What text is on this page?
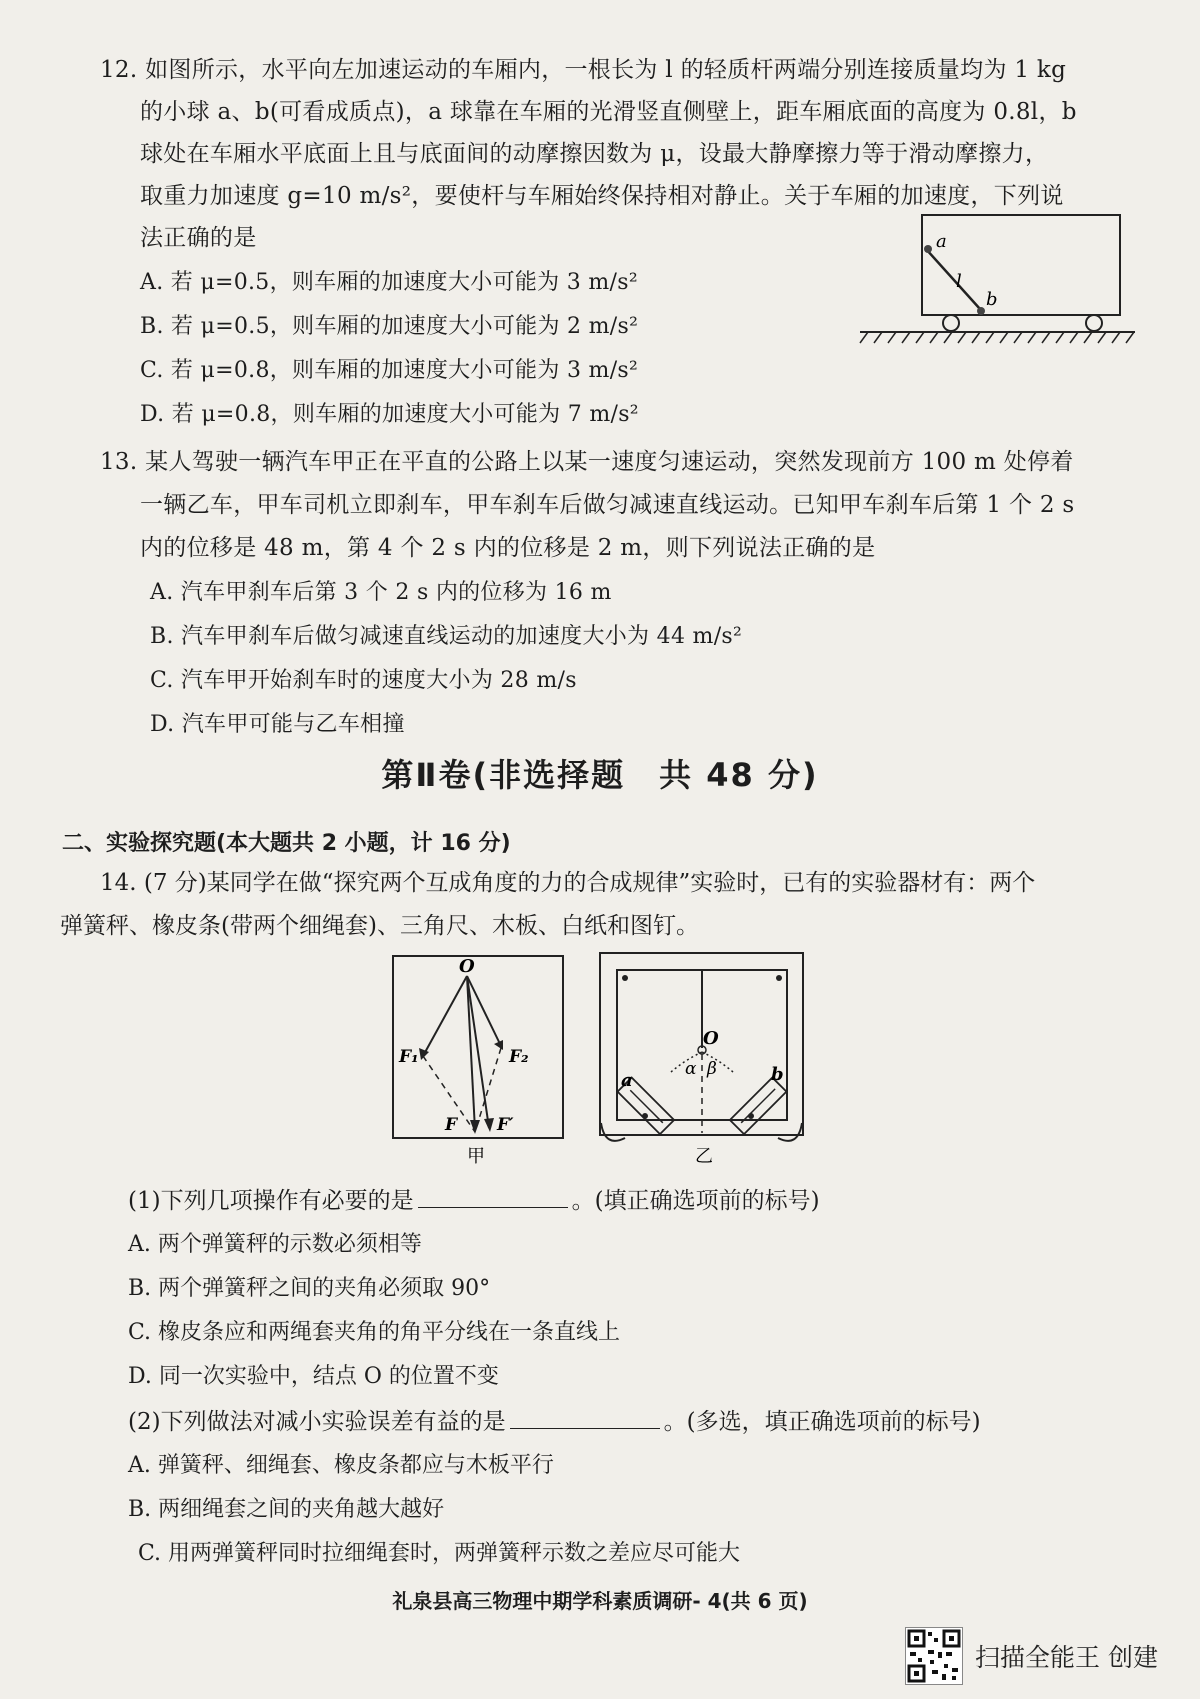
12. 如图所示，水平向左加速运动的车厢内，一根长为 l 的轻质杆两端分别连接质量均为 1 kg
的小球 a、b(可看成质点)，a 球靠在车厢的光滑竖直侧壁上，距车厢底面的高度为 0.8l，b
球处在车厢水平底面上且与底面间的动摩擦因数为 μ，设最大静摩擦力等于滑动摩擦力，
取重力加速度 g=10 m/s²，要使杆与车厢始终保持相对静止。关于车厢的加速度，下列说
法正确的是
A. 若 μ=0.5，则车厢的加速度大小可能为 3 m/s²
B. 若 μ=0.5，则车厢的加速度大小可能为 2 m/s²
C. 若 μ=0.8，则车厢的加速度大小可能为 3 m/s²
D. 若 μ=0.8，则车厢的加速度大小可能为 7 m/s²
a
l
b
13. 某人驾驶一辆汽车甲正在平直的公路上以某一速度匀速运动，突然发现前方 100 m 处停着
一辆乙车，甲车司机立即刹车，甲车刹车后做匀减速直线运动。已知甲车刹车后第 1 个 2 s
内的位移是 48 m，第 4 个 2 s 内的位移是 2 m，则下列说法正确的是
A. 汽车甲刹车后第 3 个 2 s 内的位移为 16 m
B. 汽车甲刹车后做匀减速直线运动的加速度大小为 44 m/s²
C. 汽车甲开始刹车时的速度大小为 28 m/s
D. 汽车甲可能与乙车相撞
第Ⅱ卷(非选择题　共 48 分)
二、实验探究题(本大题共 2 小题，计 16 分)
14. (7 分)某同学在做“探究两个互成角度的力的合成规律”实验时，已有的实验器材有：两个
弹簧秤、橡皮条(带两个细绳套)、三角尺、木板、白纸和图钉。
O
F₁	F₂
F F′
甲
O
α β
a	b
乙
(1)下列几项操作有必要的是	。(填正确选项前的标号)
A. 两个弹簧秤的示数必须相等
B. 两个弹簧秤之间的夹角必须取 90°
C. 橡皮条应和两绳套夹角的角平分线在一条直线上
D. 同一次实验中，结点 O 的位置不变
(2)下列做法对减小实验误差有益的是	。(多选，填正确选项前的标号)
A. 弹簧秤、细绳套、橡皮条都应与木板平行
B. 两细绳套之间的夹角越大越好
C. 用两弹簧秤同时拉细绳套时，两弹簧秤示数之差应尽可能大
礼泉县高三物理中期学科素质调研- 4(共 6 页)
扫描全能王 创建
